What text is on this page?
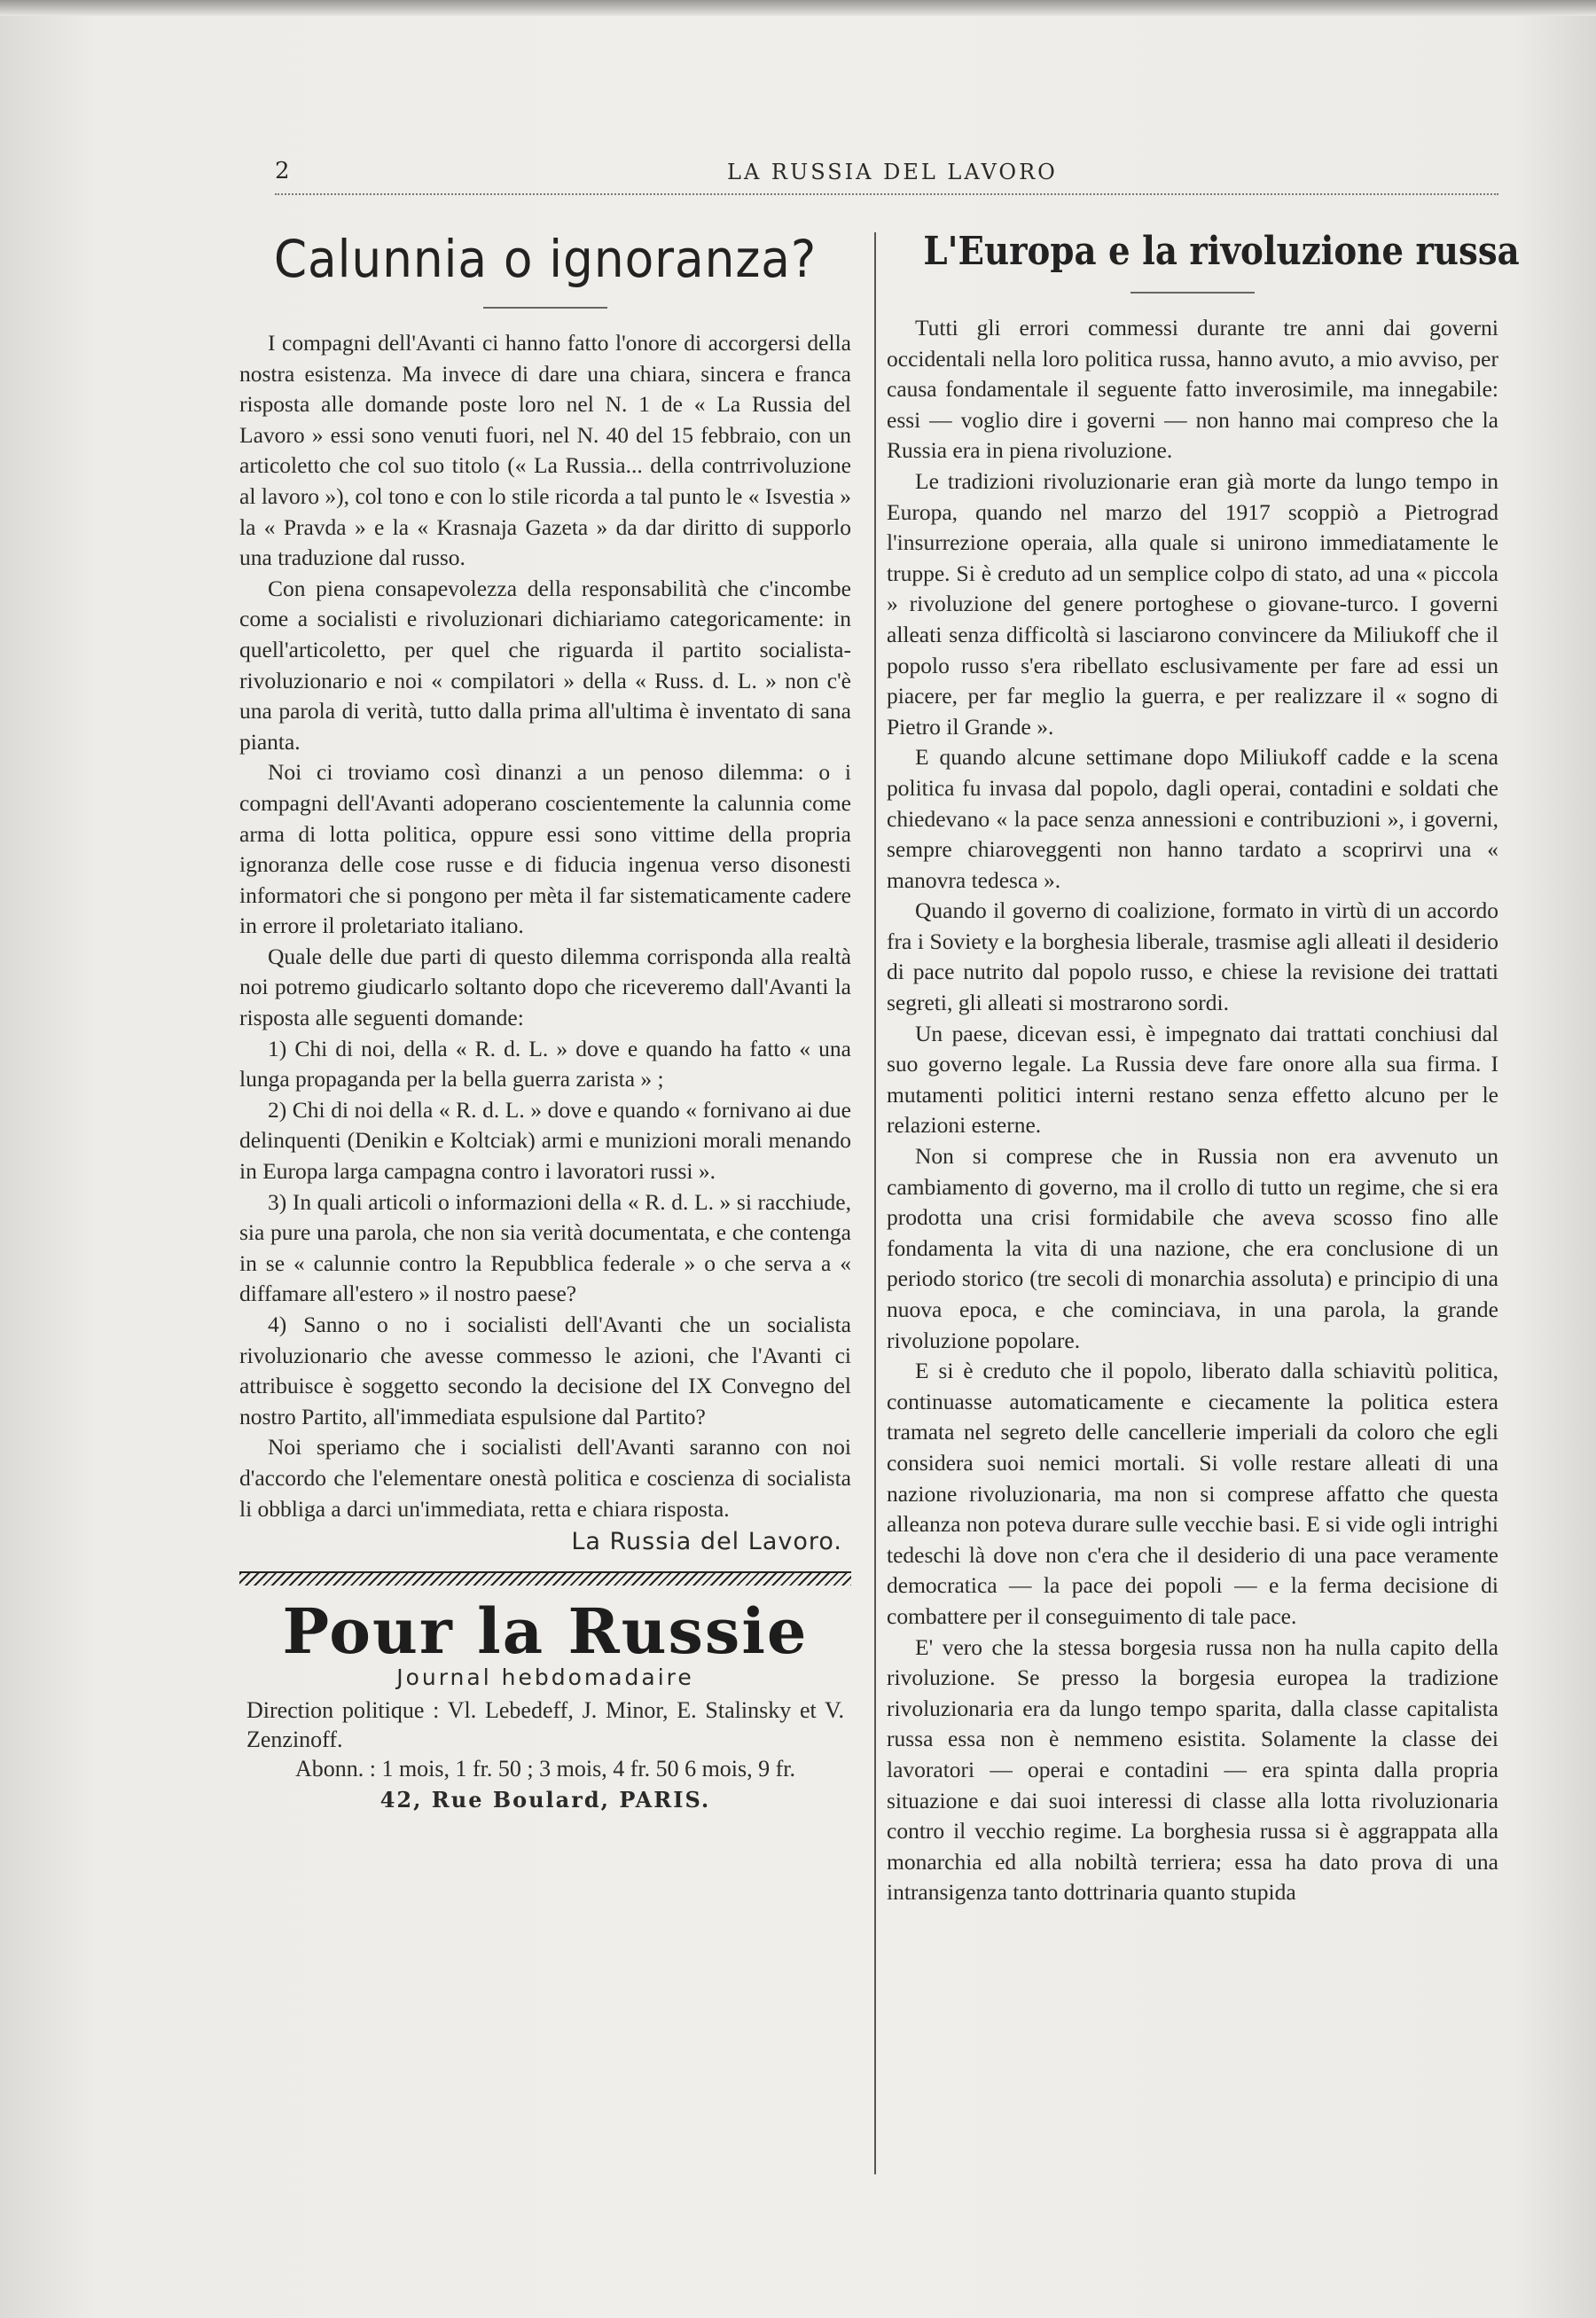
2	LA RUSSIA DEL LAVORO
Calunnia o ignoranza?

I compagni dell'Avanti ci hanno fatto l'onore di accorgersi della nostra esistenza. Ma invece di dare una chiara, sincera e franca risposta alle domande poste loro nel N. 1 de « La Russia del Lavoro » essi sono venuti fuori, nel N. 40 del 15 febbraio, con un articoletto che col suo titolo (« La Russia... della contrrivoluzione al lavoro »), col tono e con lo stile ricorda a tal punto le « Isvestia » la « Pravda » e la « Krasnaja Gazeta » da dar diritto di supporlo una traduzione dal russo.

Con piena consapevolezza della responsabilità che c'incombe come a socialisti e rivoluzionari dichiariamo categoricamente: in quell'articoletto, per quel che riguarda il partito socialista-rivoluzionario e noi « compilatori » della « Russ. d. L. » non c'è una parola di verità, tutto dalla prima all'ultima è inventato di sana pianta.

Noi ci troviamo così dinanzi a un penoso dilemma: o i compagni dell'Avanti adoperano coscientemente la calunnia come arma di lotta politica, oppure essi sono vittime della propria ignoranza delle cose russe e di fiducia ingenua verso disonesti informatori che si pongono per mèta il far sistematicamente cadere in errore il proletariato italiano.

Quale delle due parti di questo dilemma corrisponda alla realtà noi potremo giudicarlo soltanto dopo che riceveremo dall'Avanti la risposta alle seguenti domande:

1) Chi di noi, della « R. d. L. » dove e quando ha fatto « una lunga propaganda per la bella guerra zarista » ;

2) Chi di noi della « R. d. L. » dove e quando « fornivano ai due delinquenti (Denikin e Koltciak) armi e munizioni morali menando in Europa larga campagna contro i lavoratori russi ».

3) In quali articoli o informazioni della « R. d. L. » si racchiude, sia pure una parola, che non sia verità documentata, e che contenga in se « calunnie contro la Repubblica federale » o che serva a « diffamare all'estero » il nostro paese?

4) Sanno o no i socialisti dell'Avanti che un socialista rivoluzionario che avesse commesso le azioni, che l'Avanti ci attribuisce è soggetto secondo la decisione del IX Convegno del nostro Partito, all'immediata espulsione dal Partito?

Noi speriamo che i socialisti dell'Avanti saranno con noi d'accordo che l'elementare onestà politica e coscienza di socialista li obbliga a darci un'immediata, retta e chiara risposta.

La Russia del Lavoro.
Pour la Russie
Journal hebdomadaire
Direction politique : Vl. Lebedeff, J. Minor, E. Stalinsky et V. Zenzinoff.
Abonn. : 1 mois, 1 fr. 50 ; 3 mois, 4 fr. 50 6 mois, 9 fr.
42, Rue Boulard, PARIS.
L'Europa e la rivoluzione russa

Tutti gli errori commessi durante tre anni dai governi occidentali nella loro politica russa, hanno avuto, a mio avviso, per causa fondamentale il seguente fatto inverosimile, ma innegabile: essi — voglio dire i governi — non hanno mai compreso che la Russia era in piena rivoluzione.

Le tradizioni rivoluzionarie eran già morte da lungo tempo in Europa, quando nel marzo del 1917 scoppiò a Pietrograd l'insurrezione operaia, alla quale si unirono immediatamente le truppe. Si è creduto ad un semplice colpo di stato, ad una « piccola » rivoluzione del genere portoghese o giovane-turco. I governi alleati senza difficoltà si lasciarono convincere da Miliukoff che il popolo russo s'era ribellato esclusivamente per fare ad essi un piacere, per far meglio la guerra, e per realizzare il « sogno di Pietro il Grande ».

E quando alcune settimane dopo Miliukoff cadde e la scena politica fu invasa dal popolo, dagli operai, contadini e soldati che chiedevano « la pace senza annessioni e contribuzioni », i governi, sempre chiaroveggenti non hanno tardato a scoprirvi una « manovra tedesca ».

Quando il governo di coalizione, formato in virtù di un accordo fra i Soviety e la borghesia liberale, trasmise agli alleati il desiderio di pace nutrito dal popolo russo, e chiese la revisione dei trattati segreti, gli alleati si mostrarono sordi.

Un paese, dicevan essi, è impegnato dai trattati conchiusi dal suo governo legale. La Russia deve fare onore alla sua firma. I mutamenti politici interni restano senza effetto alcuno per le relazioni esterne.

Non si comprese che in Russia non era avvenuto un cambiamento di governo, ma il crollo di tutto un regime, che si era prodotta una crisi formidabile che aveva scosso fino alle fondamenta la vita di una nazione, che era conclusione di un periodo storico (tre secoli di monarchia assoluta) e principio di una nuova epoca, e che cominciava, in una parola, la grande rivoluzione popolare.

E si è creduto che il popolo, liberato dalla schiavitù politica, continuasse automaticamente e ciecamente la politica estera tramata nel segreto delle cancellerie imperiali da coloro che egli considera suoi nemici mortali. Si volle restare alleati di una nazione rivoluzionaria, ma non si comprese affatto che questa alleanza non poteva durare sulle vecchie basi. E si vide ogli intrighi tedeschi là dove non c'era che il desiderio di una pace veramente democratica — la pace dei popoli — e la ferma decisione di combattere per il conseguimento di tale pace.

E' vero che la stessa borgesia russa non ha nulla capito della rivoluzione. Se presso la borgesia europea la tradizione rivoluzionaria era da lungo tempo sparita, dalla classe capitalista russa essa non è nemmeno esistita. Solamente la classe dei lavoratori — operai e contadini — era spinta dalla propria situazione e dai suoi interessi di classe alla lotta rivoluzionaria contro il vecchio regime. La borghesia russa si è aggrappata alla monarchia ed alla nobiltà terriera; essa ha dato prova di una intransigenza tanto dottrinaria quanto stupida
